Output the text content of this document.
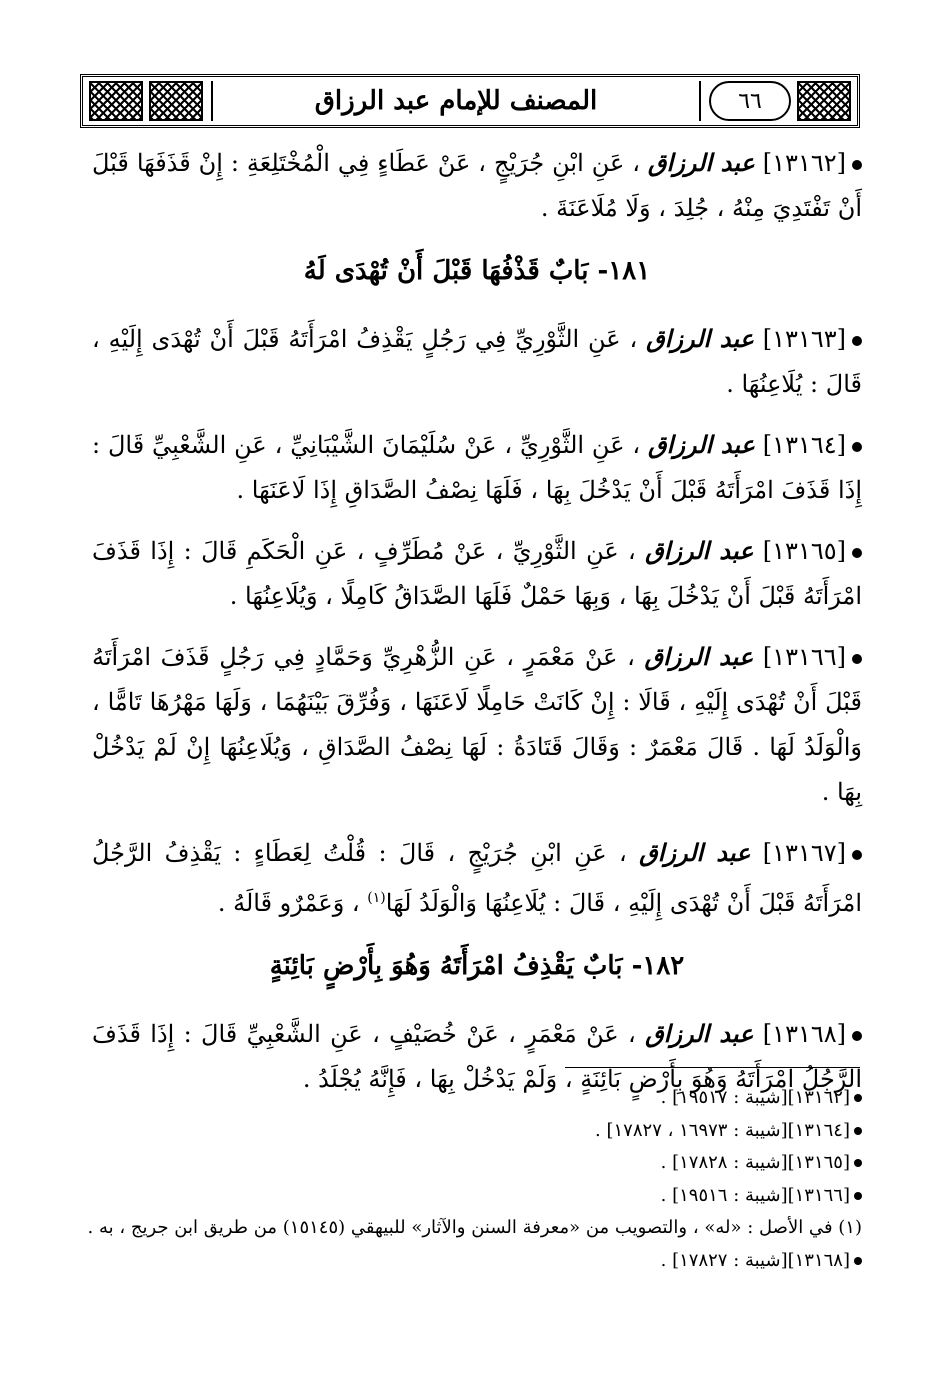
المصنف للإمام عبد الرزاق	٦٦

[١٣١٦٢] عبد الرزاق ، عَنِ ابْنِ جُرَيْجٍ ، عَنْ عَطَاءٍ فِي الْمُخْتَلِعَةِ : إِنْ قَذَفَهَا قَبْلَ أَنْ تَفْتَدِيَ مِنْهُ ، جُلِدَ ، وَلَا مُلَاعَنَةَ .

١٨١- بَابٌ قَذْفُهَا قَبْلَ أَنْ تُهْدَى لَهُ

[١٣١٦٣] عبد الرزاق ، عَنِ الثَّوْرِيِّ فِي رَجُلٍ يَقْذِفُ امْرَأَتَهُ قَبْلَ أَنْ تُهْدَى إِلَيْهِ ، قَالَ : يُلَاعِنُهَا .

[١٣١٦٤] عبد الرزاق ، عَنِ الثَّوْرِيِّ ، عَنْ سُلَيْمَانَ الشَّيْبَانِيِّ ، عَنِ الشَّعْبِيِّ قَالَ : إِذَا قَذَفَ امْرَأَتَهُ قَبْلَ أَنْ يَدْخُلَ بِهَا ، فَلَهَا نِصْفُ الصَّدَاقِ إِذَا لَاعَنَهَا .

[١٣١٦٥] عبد الرزاق ، عَنِ الثَّوْرِيِّ ، عَنْ مُطَرِّفٍ ، عَنِ الْحَكَمِ قَالَ : إِذَا قَذَفَ امْرَأَتَهُ قَبْلَ أَنْ يَدْخُلَ بِهَا ، وَبِهَا حَمْلٌ فَلَهَا الصَّدَاقُ كَامِلًا ، وَيُلَاعِنُهَا .

[١٣١٦٦] عبد الرزاق ، عَنْ مَعْمَرٍ ، عَنِ الزُّهْرِيِّ وَحَمَّادٍ فِي رَجُلٍ قَذَفَ امْرَأَتَهُ قَبْلَ أَنْ تُهْدَى إِلَيْهِ ، قَالَا : إِنْ كَانَتْ حَامِلًا لَاعَنَهَا ، وَفُرِّقَ بَيْنَهُمَا ، وَلَهَا مَهْرُهَا تَامًّا ، وَالْوَلَدُ لَهَا . قَالَ مَعْمَرٌ : وَقَالَ قَتَادَةُ : لَهَا نِصْفُ الصَّدَاقِ ، وَيُلَاعِنُهَا إِنْ لَمْ يَدْخُلْ بِهَا .

[١٣١٦٧] عبد الرزاق ، عَنِ ابْنِ جُرَيْجٍ ، قَالَ : قُلْتُ لِعَطَاءٍ : يَقْذِفُ الرَّجُلُ امْرَأَتَهُ قَبْلَ أَنْ تُهْدَى إِلَيْهِ ، قَالَ : يُلَاعِنُهَا وَالْوَلَدُ لَهَا$^{(١)}$ ، وَعَمْرٌو قَالَهُ .

١٨٢- بَابٌ يَقْذِفُ امْرَأَتَهُ وَهُوَ بِأَرْضٍ بَائِنَةٍ

[١٣١٦٨] عبد الرزاق ، عَنْ مَعْمَرٍ ، عَنْ خُصَيْفٍ ، عَنِ الشَّعْبِيِّ قَالَ : إِذَا قَذَفَ الرَّجُلُ امْرَأَتَهُ وَهُوَ بِأَرْضٍ بَائِنَةٍ ، وَلَمْ يَدْخُلْ بِهَا ، فَإِنَّهُ يُجْلَدُ .

[١٣١٦٢][شيبة : ١٩٥١٧] .
[١٣١٦٤][شيبة : ١٦٩٧٣ ، ١٧٨٢٧] .
[١٣١٦٥][شيبة : ١٧٨٢٨] .
[١٣١٦٦][شيبة : ١٩٥١٦] .
(١) في الأصل : «له» ، والتصويب من «معرفة السنن والآثار» للبيهقي (١٥١٤٥) من طريق ابن جريج ، به .
[١٣١٦٨][شيبة : ١٧٨٢٧] .
